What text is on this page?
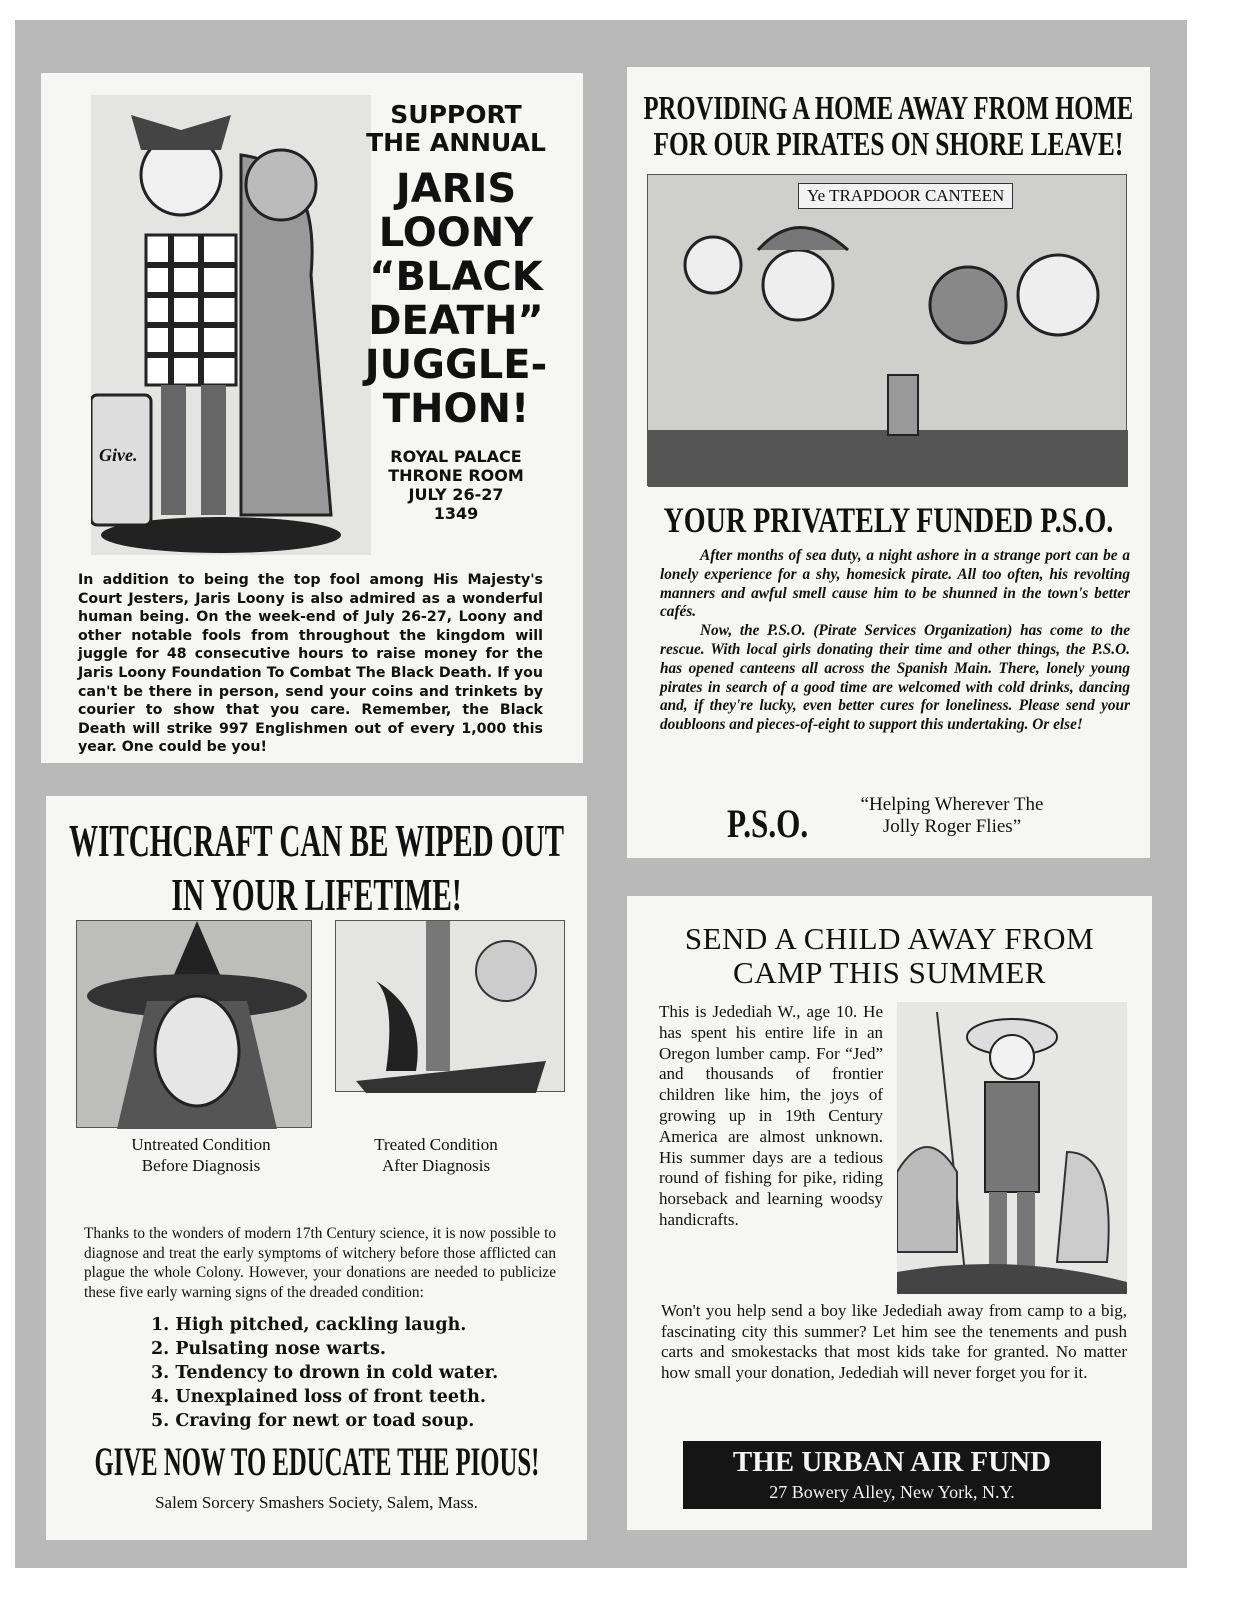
Give.
SUPPORT
THE ANNUAL
JARIS
LOONY
“BLACK
DEATH”
JUGGLE-
THON!
ROYAL PALACE
THRONE ROOM
JULY 26-27
1349

In addition to being the top fool among His Majesty's Court Jesters, Jaris Loony is also admired as a wonderful human being. On the week-end of July 26-27, Loony and other notable fools from throughout the kingdom will juggle for 48 consecutive hours to raise money for the Jaris Loony Foundation To Combat The Black Death. If you can't be there in person, send your coins and trinkets by courier to show that you care. Remember, the Black Death will strike 997 Englishmen out of every 1,000 this year. One could be you!

PROVIDING A HOME AWAY FROM HOME
FOR OUR PIRATES ON SHORE LEAVE!
Ye TRAPDOOR CANTEEN
YOUR PRIVATELY FUNDED P.S.O.

After months of sea duty, a night ashore in a strange port can be a lonely experience for a shy, homesick pirate. All too often, his revolting manners and awful smell cause him to be shunned in the town's better cafés.

Now, the P.S.O. (Pirate Services Organization) has come to the rescue. With local girls donating their time and other things, the P.S.O. has opened canteens all across the Spanish Main. There, lonely young pirates in search of a good time are welcomed with cold drinks, dancing and, if they're lucky, even better cures for loneliness. Please send your doubloons and pieces-of-eight to support this undertaking. Or else!

P.S.O.	“Helping Wherever The
Jolly Roger Flies”
WITCHCRAFT CAN BE WIPED OUT
IN YOUR LIFETIME!
Untreated Condition
Before Diagnosis
Treated Condition
After Diagnosis

Thanks to the wonders of modern 17th Century science, it is now possible to diagnose and treat the early symptoms of witchery before those afflicted can plague the whole Colony. However, your donations are needed to publicize these five early warning signs of the dreaded condition:

1. High pitched, cackling laugh.
2. Pulsating nose warts.
3. Tendency to drown in cold water.
4. Unexplained loss of front teeth.
5. Craving for newt or toad soup.
GIVE NOW TO EDUCATE THE PIOUS!
Salem Sorcery Smashers Society, Salem, Mass.
SEND A CHILD AWAY FROM
CAMP THIS SUMMER

This is Jedediah W., age 10. He has spent his entire life in an Oregon lumber camp. For “Jed” and thousands of frontier children like him, the joys of growing up in 19th Century America are almost unknown. His summer days are a tedious round of fishing for pike, riding horseback and learning woodsy handicrafts.

Won't you help send a boy like Jedediah away from camp to a big, fascinating city this summer? Let him see the tenements and push carts and smokestacks that most kids take for granted. No matter how small your donation, Jedediah will never forget you for it.

THE URBAN AIR FUND
27 Bowery Alley, New York, N.Y.
